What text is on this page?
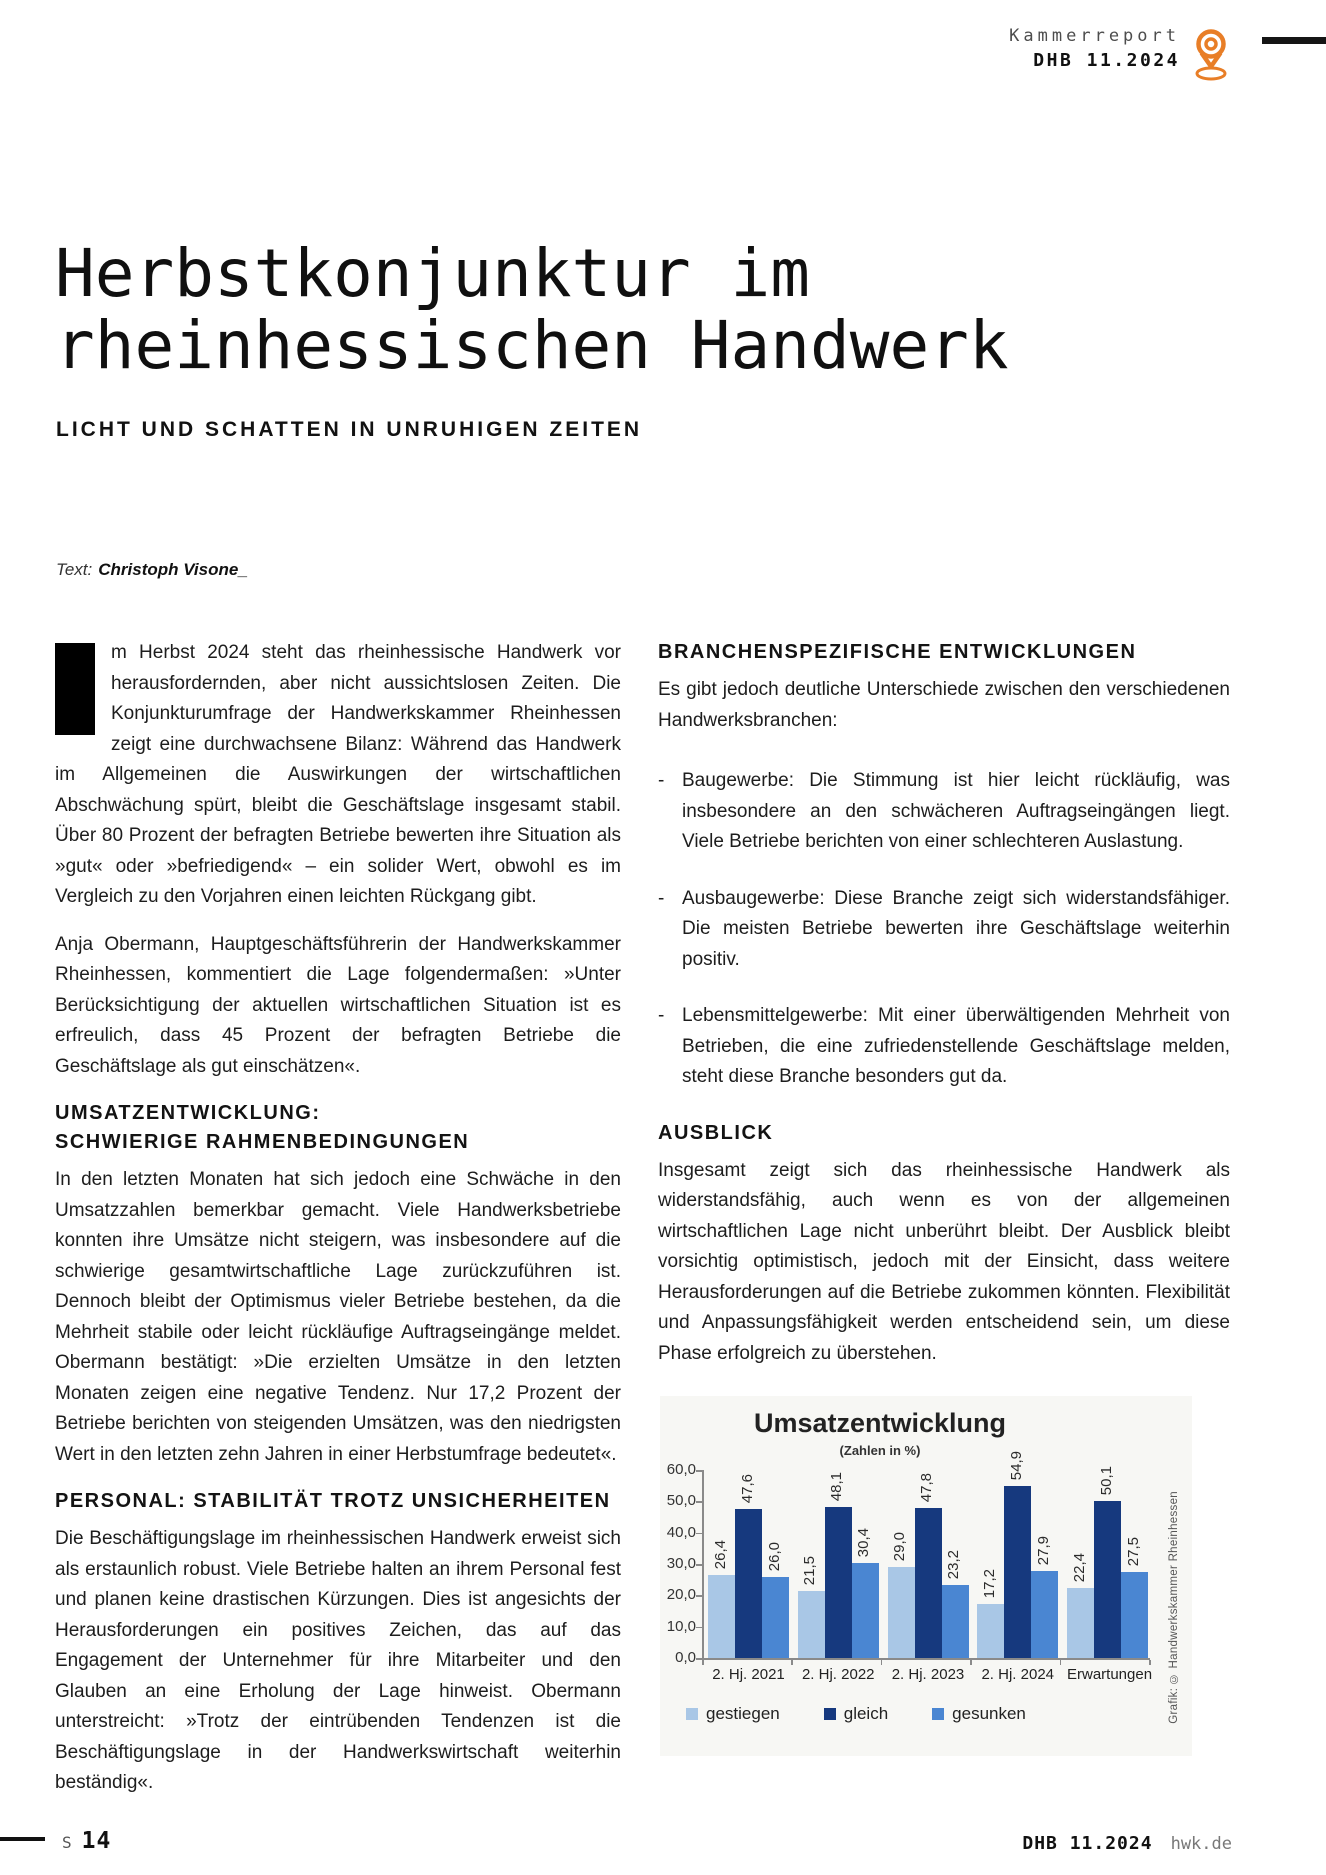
Kammerreport
DHB 11.2024
Herbstkonjunktur im
rheinhessischen Handwerk
LICHT UND SCHATTEN IN UNRUHIGEN ZEITEN
Text: Christoph Visone_

m Herbst 2024 steht das rheinhessische Handwerk vor herausfordernden, aber nicht aussichtslosen Zeiten. Die Konjunkturumfrage der Handwerkskammer Rheinhessen zeigt eine durchwachsene Bilanz: Während das Handwerk im Allgemeinen die Auswirkungen der wirtschaftlichen Abschwächung spürt, bleibt die Geschäftslage insgesamt stabil. Über 80 Prozent der befragten Betriebe bewerten ihre Situation als »gut« oder »befriedigend« – ein solider Wert, obwohl es im Vergleich zu den Vorjahren einen leichten Rückgang gibt.

Anja Obermann, Hauptgeschäftsführerin der Handwerkskammer Rheinhessen, kommentiert die Lage folgendermaßen: »Unter Berücksichtigung der aktuellen wirtschaftlichen Situation ist es erfreulich, dass 45 Prozent der befragten Betriebe die Geschäftslage als gut einschätzen«.

UMSATZENTWICKLUNG:
SCHWIERIGE RAHMENBEDINGUNGEN

In den letzten Monaten hat sich jedoch eine Schwäche in den Umsatzzahlen bemerkbar gemacht. Viele Handwerksbetriebe konnten ihre Umsätze nicht steigern, was insbesondere auf die schwierige gesamtwirtschaftliche Lage zurückzuführen ist. Dennoch bleibt der Optimismus vieler Betriebe bestehen, da die Mehrheit stabile oder leicht rückläufige Auftragseingänge meldet. Obermann bestätigt: »Die erzielten Umsätze in den letzten Monaten zeigen eine negative Tendenz. Nur 17,2 Prozent der Betriebe berichten von steigenden Umsätzen, was den niedrigsten Wert in den letzten zehn Jahren in einer Herbstumfrage bedeutet«.

PERSONAL: STABILITÄT TROTZ UNSICHERHEITEN

Die Beschäftigungslage im rheinhessischen Handwerk erweist sich als erstaunlich robust. Viele Betriebe halten an ihrem Personal fest und planen keine drastischen Kürzungen. Dies ist angesichts der Herausforderungen ein positives Zeichen, das auf das Engagement der Unternehmer für ihre Mitarbeiter und den Glauben an eine Erholung der Lage hinweist. Obermann unterstreicht: »Trotz der eintrübenden Tendenzen ist die Beschäftigungslage in der Handwerkswirtschaft weiterhin beständig«.

BRANCHENSPEZIFISCHE ENTWICKLUNGEN

Es gibt jedoch deutliche Unterschiede zwischen den verschiedenen Handwerksbranchen:

- Baugewerbe: Die Stimmung ist hier leicht rückläufig, was insbesondere an den schwächeren Auftragseingängen liegt. Viele Betriebe berichten von einer schlechteren Auslastung.
- Ausbaugewerbe: Diese Branche zeigt sich widerstandsfähiger. Die meisten Betriebe bewerten ihre Geschäftslage weiterhin positiv.
- Lebensmittelgewerbe: Mit einer überwältigenden Mehrheit von Betrieben, die eine zufriedenstellende Geschäftslage melden, steht diese Branche besonders gut da.
AUSBLICK

Insgesamt zeigt sich das rheinhessische Handwerk als widerstandsfähig, auch wenn es von der allgemeinen wirtschaftlichen Lage nicht unberührt bleibt. Der Ausblick bleibt vorsichtig optimistisch, jedoch mit der Einsicht, dass weitere Herausforderungen auf die Betriebe zukommen könnten. Flexibilität und Anpassungsfähigkeit werden entscheidend sein, um diese Phase erfolgreich zu überstehen.

Umsatzentwicklung
(Zahlen in %)
60,0
50,0
40,0
30,0
20,0
10,0
0,0
26,4
47,6
26,0 21,5
48,1
30,4 29,0
47,8
23,2
17,2
54,9
27,9
22,4
50,1
27,5
2. Hj. 2021 2. Hj. 2022 2. Hj. 2023 2. Hj. 2024 Erwartungen
gestiegen	gleich	gesunken	Grafik: © Handwerkskammer Rheinhessen
S 14	DHB 11.2024 hwk.de
